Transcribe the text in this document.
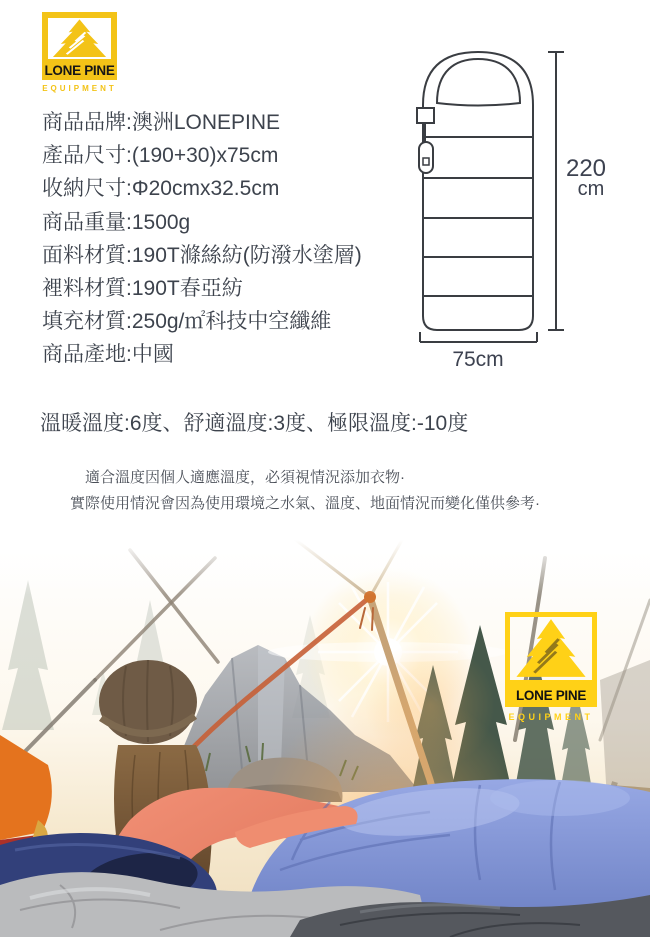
LONE PINE
EQUIPMENT
商品品牌:澳洲LONEPINE
產品尺寸:(190+30)x75cm
收納尺寸:Φ20cmx32.5cm
商品重量:1500g
面料材質:190T滌絲紡(防潑水塗層)
裡料材質:190T春亞紡
填充材質:250g/㎡科技中空纖維
商品產地:中國
220
cm
75cm
溫暖溫度:6度、舒適溫度:3度、極限溫度:-10度
適合溫度因個人適應溫度，必須視情況添加衣物·
實際使用情況會因為使用環境之水氣、溫度、地面情況而變化僅供參考·
LONE PINE
EQUIPMENT
